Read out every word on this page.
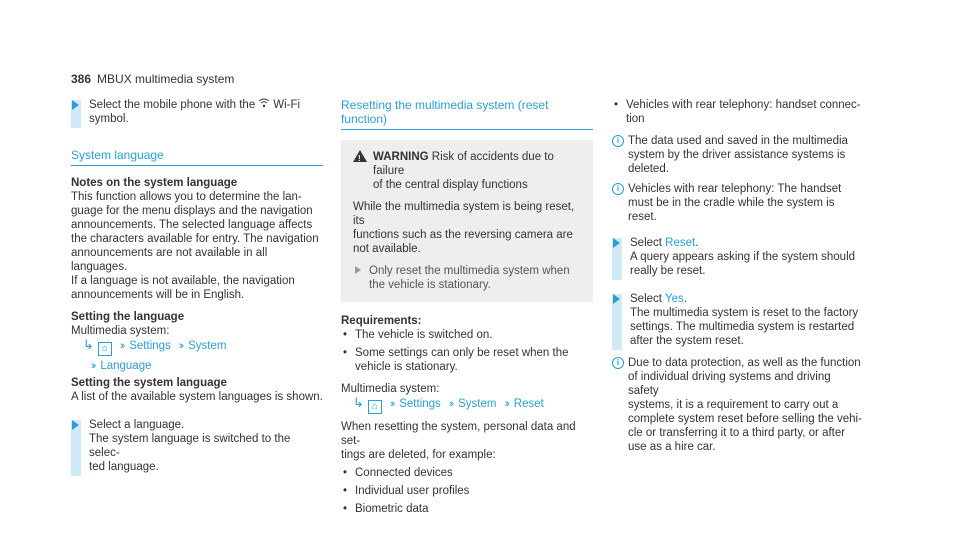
386 MBUX multimedia system
Select the mobile phone with the Wi-Fi
symbol.
System language
Notes on the system language
This function allows you to determine the lan-
guage for the menu displays and the navigation
announcements. The selected language affects
the characters available for entry. The navigation
announcements are not available in all languages.
If a language is not available, the navigation
announcements will be in English.
Setting the language
Multimedia system:
↳ ⌂ ›› Settings ›› System
›› Language
Setting the system language
A list of the available system languages is shown.
Select a language.
The system language is switched to the selec-
ted language.
Resetting the multimedia system (reset function)
! WARNING Risk of accidents due to failure
of the central display functions
While the multimedia system is being reset, its
functions such as the reversing camera are
not available.
Only reset the multimedia system when
the vehicle is stationary.
Requirements:
• The vehicle is switched on.
• Some settings can only be reset when the vehicle is stationary.
Multimedia system:
↳ ⌂ ›› Settings ›› System ›› Reset
When resetting the system, personal data and set-
tings are deleted, for example:
• Connected devices
• Individual user profiles
• Biometric data
• Vehicles with rear telephony: handset connec-
tion
i The data used and saved in the multimedia
system by the driver assistance systems is
deleted.
i Vehicles with rear telephony: The handset
must be in the cradle while the system is
reset.
Select Reset.
A query appears asking if the system should
really be reset.
Select Yes.
The multimedia system is reset to the factory
settings. The multimedia system is restarted
after the system reset.
i Due to data protection, as well as the function
of individual driving systems and driving safety
systems, it is a requirement to carry out a
complete system reset before selling the vehi-
cle or transferring it to a third party, or after
use as a hire car.
